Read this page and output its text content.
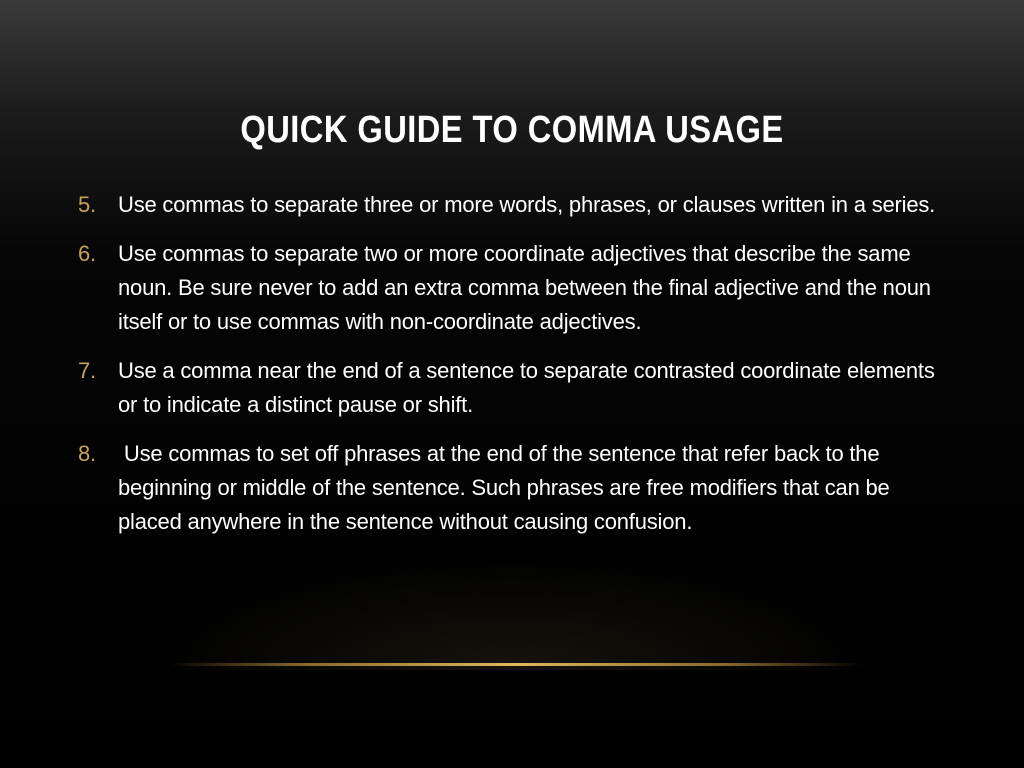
QUICK GUIDE TO COMMA USAGE
5. Use commas to separate three or more words, phrases, or clauses written in a series.
6. Use commas to separate two or more coordinate adjectives that describe the same noun. Be sure never to add an extra comma between the final adjective and the noun itself or to use commas with non-coordinate adjectives.
7. Use a comma near the end of a sentence to separate contrasted coordinate elements or to indicate a distinct pause or shift.
8. Use commas to set off phrases at the end of the sentence that refer back to the beginning or middle of the sentence. Such phrases are free modifiers that can be placed anywhere in the sentence without causing confusion.
